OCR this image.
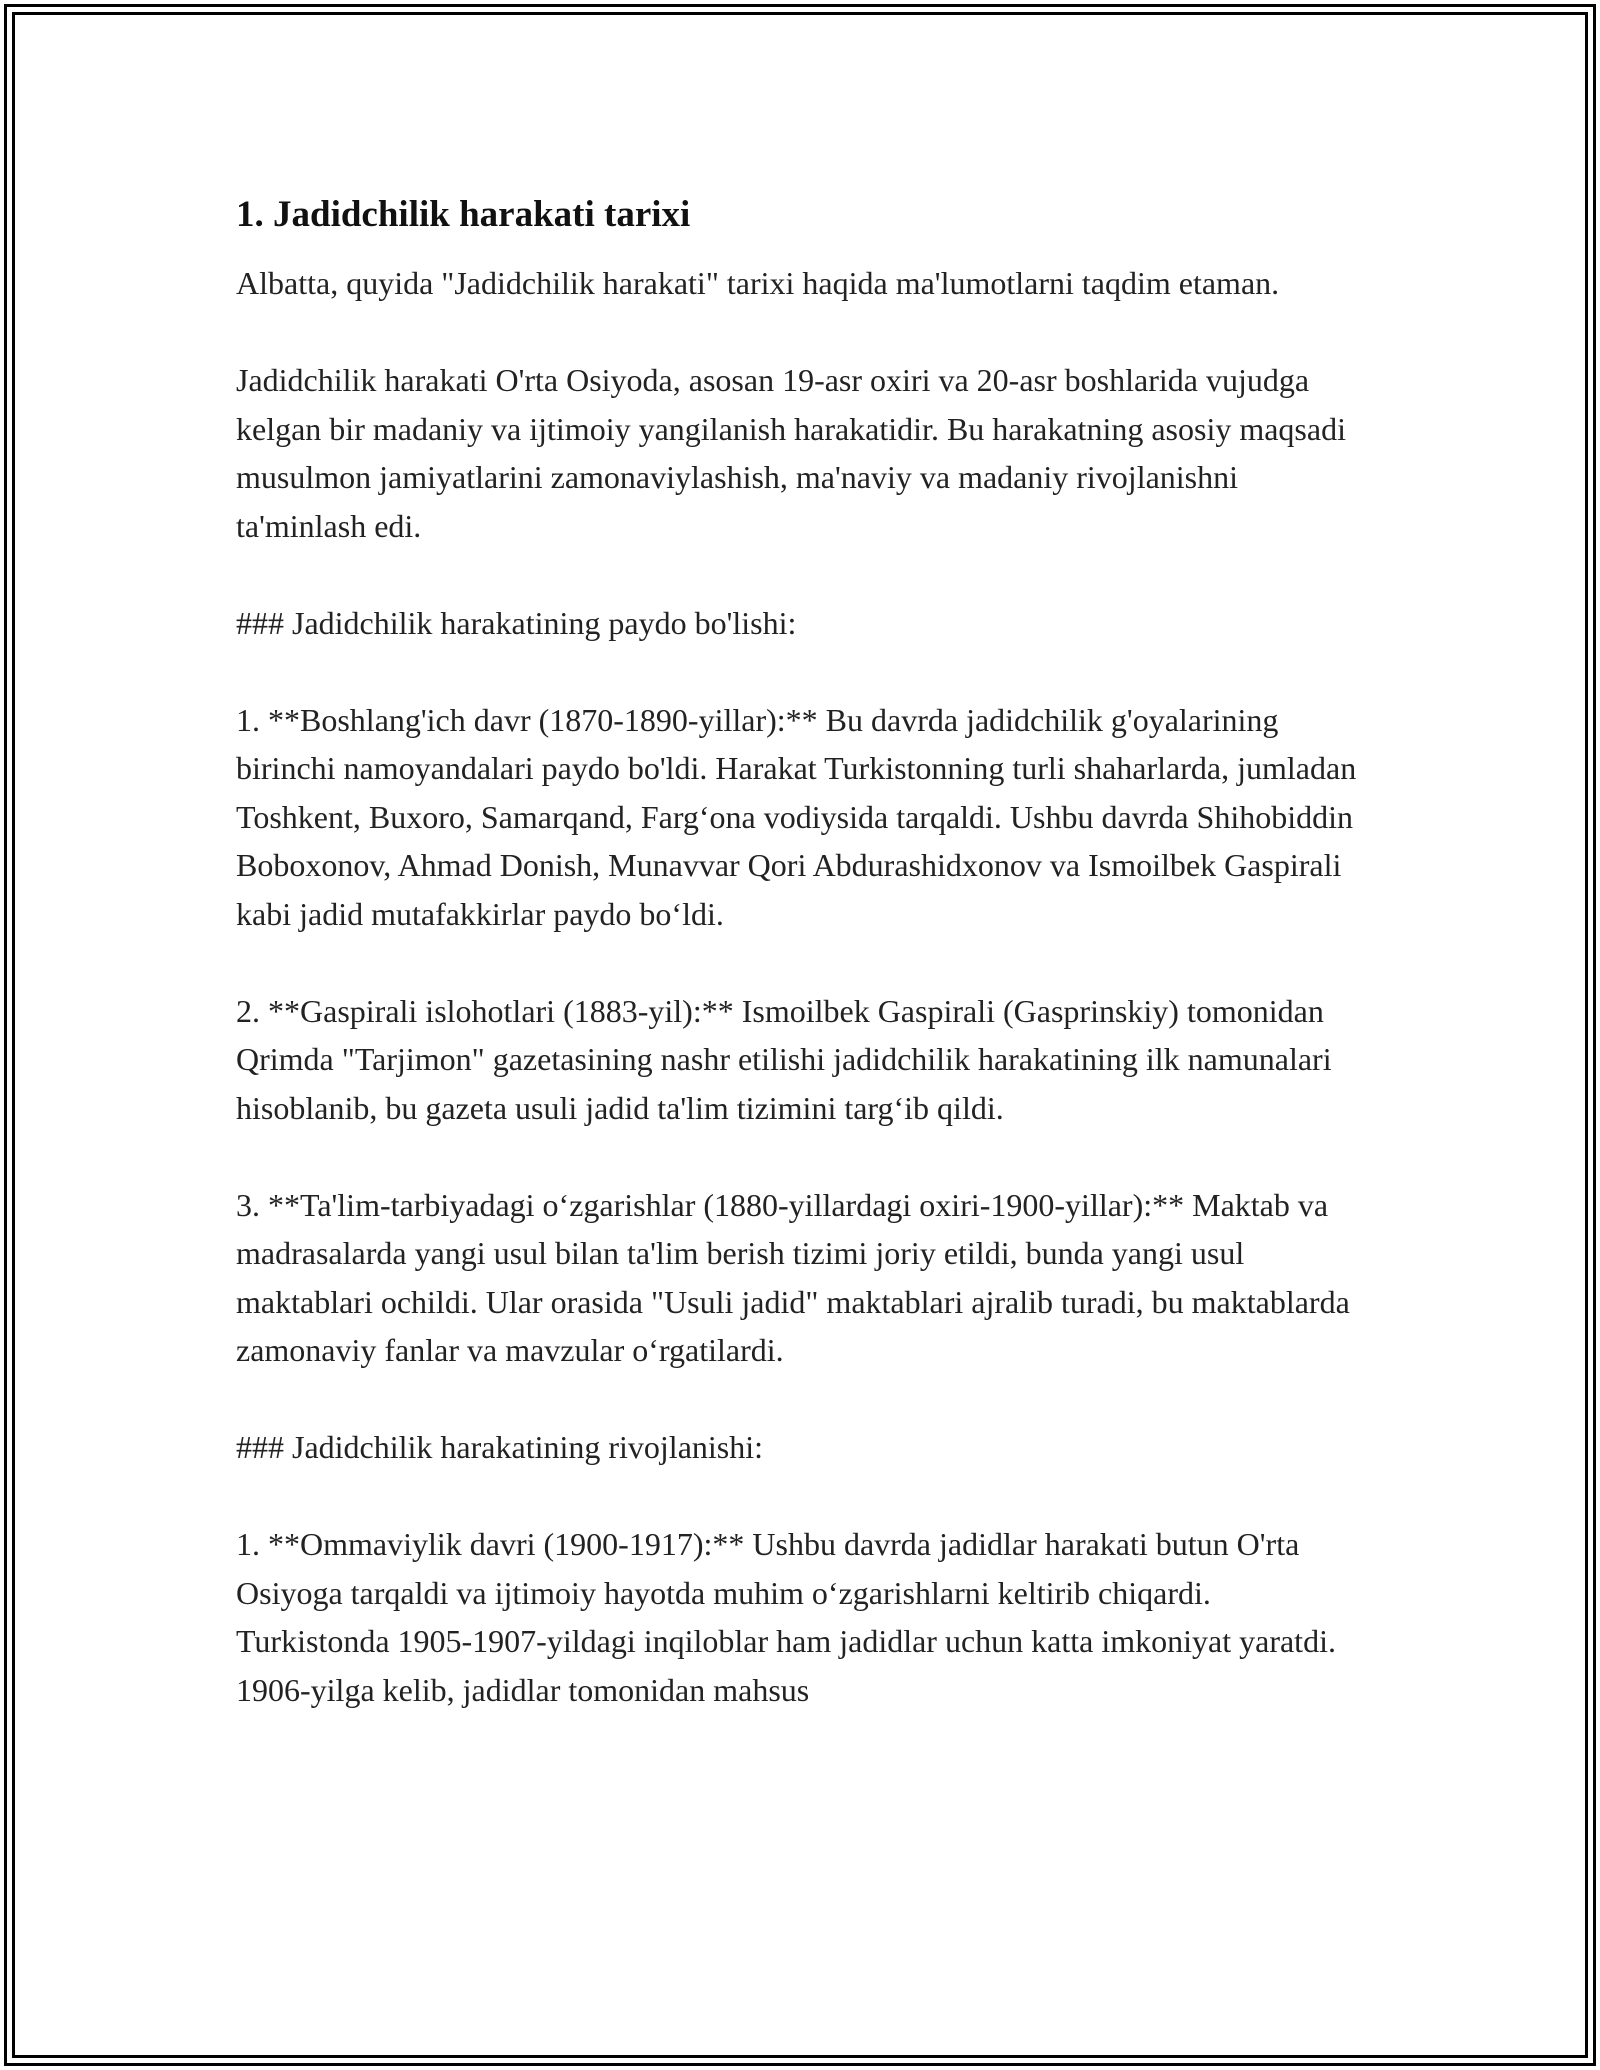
1. Jadidchilik harakati tarixi

Albatta, quyida "Jadidchilik harakati" tarixi haqida ma'lumotlarni taqdim etaman.

Jadidchilik harakati O'rta Osiyoda, asosan 19-asr oxiri va 20-asr boshlarida vujudga kelgan bir madaniy va ijtimoiy yangilanish harakatidir. Bu harakatning asosiy maqsadi musulmon jamiyatlarini zamonaviylashish, ma'naviy va madaniy rivojlanishni ta'minlash edi.

### Jadidchilik harakatining paydo bo'lishi:

1. **Boshlang'ich davr (1870-1890-yillar):** Bu davrda jadidchilik g'oyalarining birinchi namoyandalari paydo bo'ldi. Harakat Turkistonning turli shaharlarda, jumladan Toshkent, Buxoro, Samarqand, Farg‘ona vodiysida tarqaldi. Ushbu davrda Shihobiddin Boboxonov, Ahmad Donish, Munavvar Qori Abdurashidxonov va Ismoilbek Gaspirali kabi jadid mutafakkirlar paydo bo‘ldi.

2. **Gaspirali islohotlari (1883-yil):** Ismoilbek Gaspirali (Gasprinskiy) tomonidan Qrimda "Tarjimon" gazetasining nashr etilishi jadidchilik harakatining ilk namunalari hisoblanib, bu gazeta usuli jadid ta'lim tizimini targ‘ib qildi.

3. **Ta'lim-tarbiyadagi o‘zgarishlar (1880-yillardagi oxiri-1900-yillar):** Maktab va madrasalarda yangi usul bilan ta'lim berish tizimi joriy etildi, bunda yangi usul maktablari ochildi. Ular orasida "Usuli jadid" maktablari ajralib turadi, bu maktablarda zamonaviy fanlar va mavzular o‘rgatilardi.

### Jadidchilik harakatining rivojlanishi:

1. **Ommaviylik davri (1900-1917):** Ushbu davrda jadidlar harakati butun O'rta Osiyoga tarqaldi va ijtimoiy hayotda muhim o‘zgarishlarni keltirib chiqardi. Turkistonda 1905-1907-yildagi inqiloblar ham jadidlar uchun katta imkoniyat yaratdi. 1906-yilga kelib, jadidlar tomonidan mahsus
